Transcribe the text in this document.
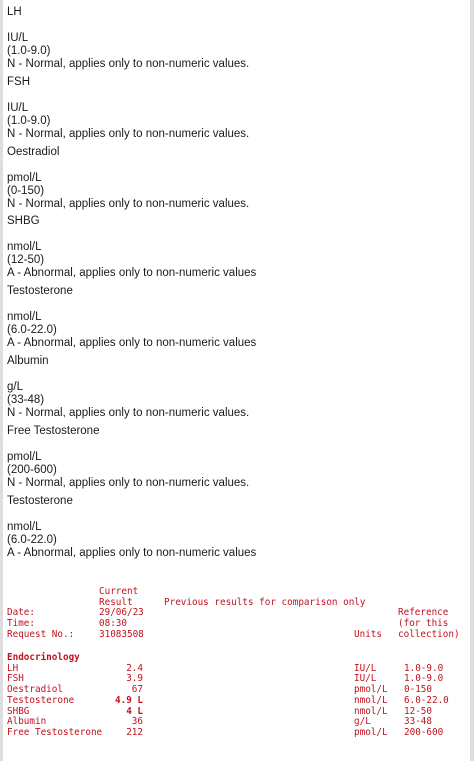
LH
IU/L
(1.0-9.0)
N - Normal, applies only to non-numeric values.
FSH
IU/L
(1.0-9.0)
N - Normal, applies only to non-numeric values.
Oestradiol
pmol/L
(0-150)
N - Normal, applies only to non-numeric values.
SHBG
nmol/L
(12-50)
A - Abnormal, applies only to non-numeric values
Testosterone
nmol/L
(6.0-22.0)
A - Abnormal, applies only to non-numeric values
Albumin
g/L
(33-48)
N - Normal, applies only to non-numeric values.
Free Testosterone
pmol/L
(200-600)
N - Normal, applies only to non-numeric values.
Testosterone
nmol/L
(6.0-22.0)
A - Abnormal, applies only to non-numeric values
Current
Result	Previous results for comparison only
Date:	29/06/23	Reference
Time:	08:30	(for this
Request No.:	31083508	Units collection)
Endocrinology
LH	2.4	IU/L	1.0-9.0
FSH	3.9	IU/L	1.0-9.0
Oestradiol	67	pmol/L 0-150
Testosterone	4.9 L	nmol/L 6.0-22.0
SHBG	4 L	nmol/L 12-50
Albumin	36	g/L	33-48
Free Testosterone	212	pmol/L 200-600
